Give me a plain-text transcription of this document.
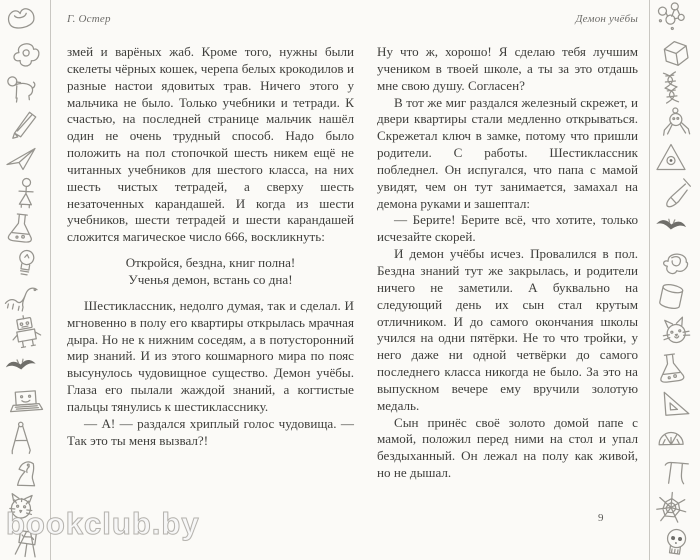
Г. Остер	Демон учёбы

змей и варёных жаб. Кроме того, нужны были скелеты чёрных кошек, черепа белых крокодилов и разные настои ядовитых трав. Ничего этого у мальчика не было. Только учебники и тетради. К счастью, на последней странице мальчик нашёл один не очень трудный способ. Надо было положить на пол стопочкой шесть никем ещё не читанных учебников для шестого класса, на них шесть чистых тетрадей, а сверху шесть незаточенных карандашей. И когда из шести учебников, шести тетрадей и шести карандашей сложится магическое число 666, воскликнуть:

Откройся, бездна, книг полна!
Ученья демон, встань со дна!

Шестиклассник, недолго думая, так и сделал. И мгновенно в полу его квартиры открылась мрачная дыра. Но не к нижним соседям, а в потусторонний мир знаний. И из этого кошмарного мира по пояс высунулось чудовищное существо. Демон учёбы. Глаза его пылали жаждой знаний, а когтистые пальцы тянулись к шестикласснику.

— А! — раздался хриплый голос чудовища. — Так это ты меня вызвал?!

Ну что ж, хорошо! Я сделаю тебя лучшим учеником в твоей школе, а ты за это отдашь мне свою душу. Согласен?

В тот же миг раздался железный скрежет, и двери квартиры стали медленно открываться. Скрежетал ключ в замке, потому что пришли родители. С работы. Шестиклассник побледнел. Он испугался, что папа с мамой увидят, чем он тут занимается, замахал на демона руками и зашептал:

— Берите! Берите всё, что хотите, только исчезайте скорей.

И демон учёбы исчез. Провалился в пол. Бездна знаний тут же закрылась, и родители ничего не заметили. А буквально на следующий день их сын стал крутым отличником. И до самого окончания школы учился на одни пятёрки. Не то что тройки, у него даже ни одной четвёрки до самого последнего класса никогда не было. За это на выпускном вечере ему вручили золотую медаль.

Сын принёс своё золото домой папе с мамой, положил перед ними на стол и упал бездыханный. Он лежал на полу как живой, но не дышал.

9
bookclub.by
